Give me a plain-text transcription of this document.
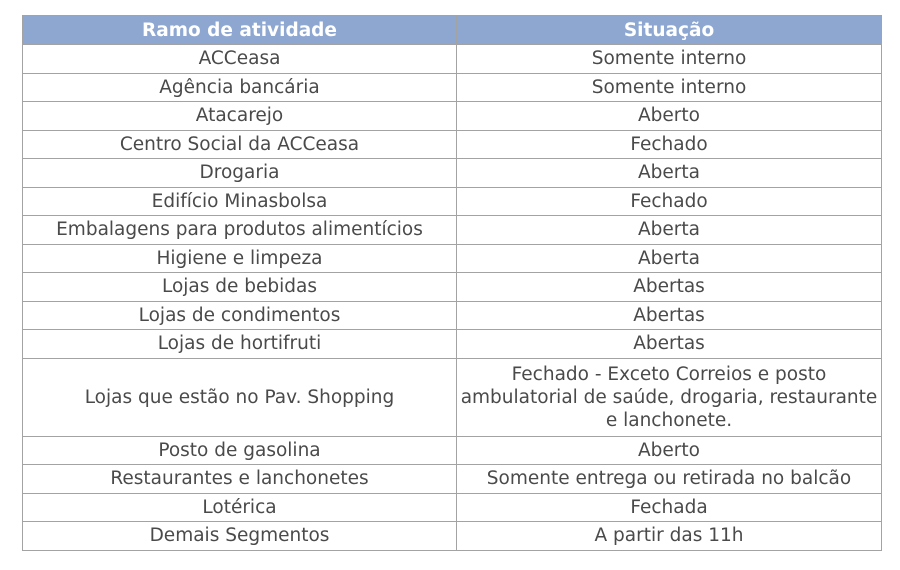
Ramo de atividade	Situação
ACCeasa	Somente interno
Agência bancária	Somente interno
Atacarejo	Aberto
Centro Social da ACCeasa	Fechado
Drogaria	Aberta
Edifício Minasbolsa	Fechado
Embalagens para produtos alimentícios	Aberta
Higiene e limpeza	Aberta
Lojas de bebidas	Abertas
Lojas de condimentos	Abertas
Lojas de hortifruti	Abertas
Lojas que estão no Pav. Shopping	Fechado - Exceto Correios e posto ambulatorial de saúde, drogaria, restaurante e lanchonete.
Posto de gasolina	Aberto
Restaurantes e lanchonetes	Somente entrega ou retirada no balcão
Lotérica	Fechada
Demais Segmentos	A partir das 11h
